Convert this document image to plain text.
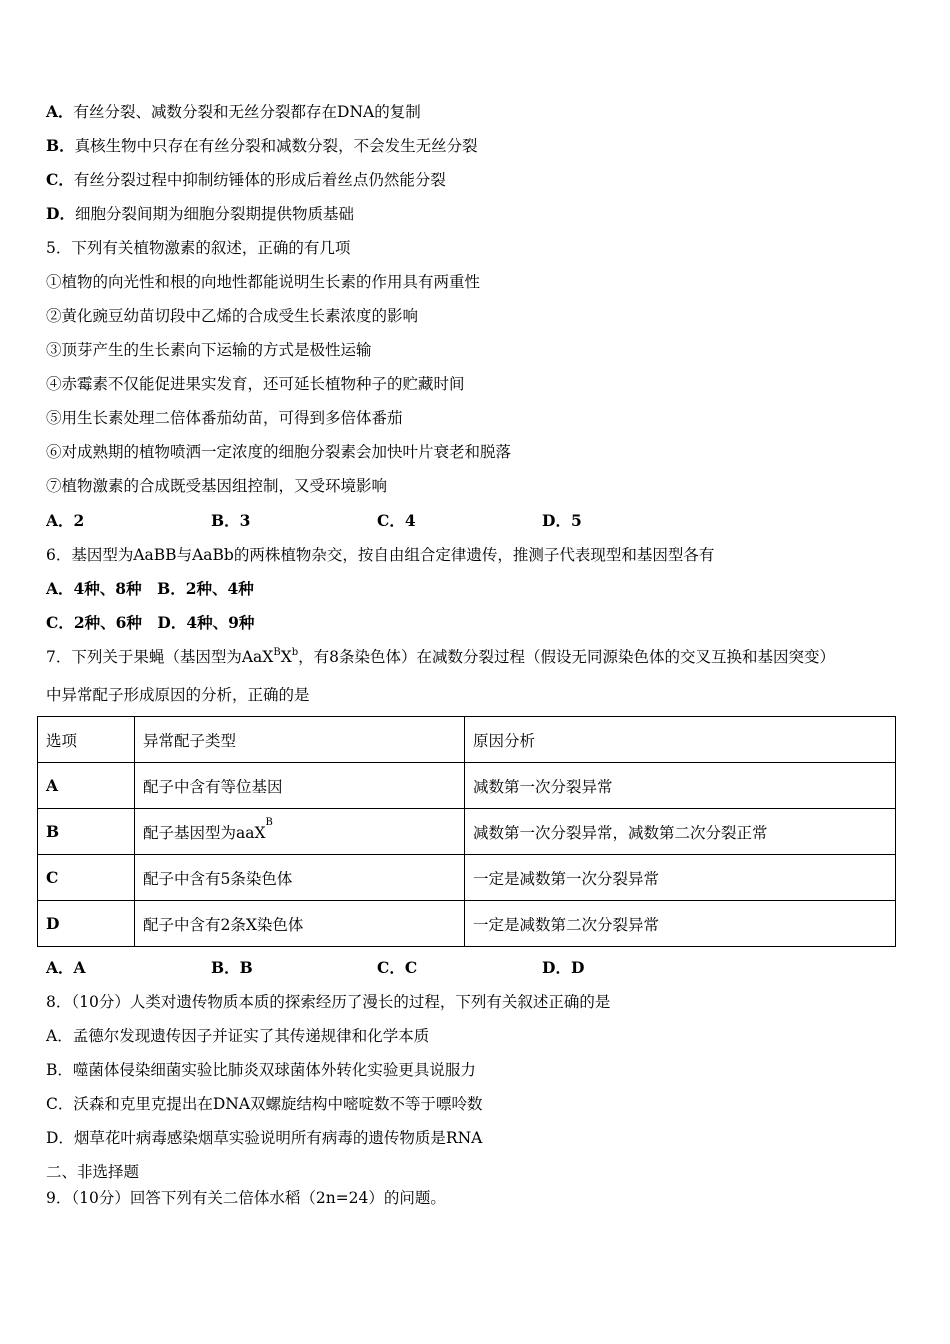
A．有丝分裂、减数分裂和无丝分裂都存在DNA的复制
B．真核生物中只存在有丝分裂和减数分裂，不会发生无丝分裂
C．有丝分裂过程中抑制纺锤体的形成后着丝点仍然能分裂
D．细胞分裂间期为细胞分裂期提供物质基础
5．下列有关植物激素的叙述，正确的有几项
①植物的向光性和根的向地性都能说明生长素的作用具有两重性
②黄化豌豆幼苗切段中乙烯的合成受生长素浓度的影响
③顶芽产生的生长素向下运输的方式是极性运输
④赤霉素不仅能促进果实发育，还可延长植物种子的贮藏时间
⑤用生长素处理二倍体番茄幼苗，可得到多倍体番茄
⑥对成熟期的植物喷洒一定浓度的细胞分裂素会加快叶片衰老和脱落
⑦植物激素的合成既受基因组控制，又受环境影响
A．2	B．3	C．4	D．5
6．基因型为AaBB与AaBb的两株植物杂交，按自由组合定律遗传，推测子代表现型和基因型各有
A．4种、8种　B．2种、4种
C．2种、6种　D．4种、9种
7．下列关于果蝇（基因型为$AaX^BX^b$，有8条染色体）在减数分裂过程（假设无同源染色体的交叉互换和基因突变）
中异常配子形成原因的分析，正确的是
选项	异常配子类型	原因分析
A	配子中含有等位基因	减数第一次分裂异常
B	配子基因型为aaX$^B$	减数第一次分裂异常，减数第二次分裂正常
C	配子中含有5条染色体	一定是减数第一次分裂异常
D	配子中含有2条X染色体	一定是减数第二次分裂异常
A．A	B．B	C．C	D．D
8．（10分）人类对遗传物质本质的探索经历了漫长的过程，下列有关叙述正确的是
A．孟德尔发现遗传因子并证实了其传递规律和化学本质
B．噬菌体侵染细菌实验比肺炎双球菌体外转化实验更具说服力
C．沃森和克里克提出在DNA双螺旋结构中嘧啶数不等于嘌呤数
D．烟草花叶病毒感染烟草实验说明所有病毒的遗传物质是RNA
二、非选择题
9．（10分）回答下列有关二倍体水稻（2n=24）的问题。
